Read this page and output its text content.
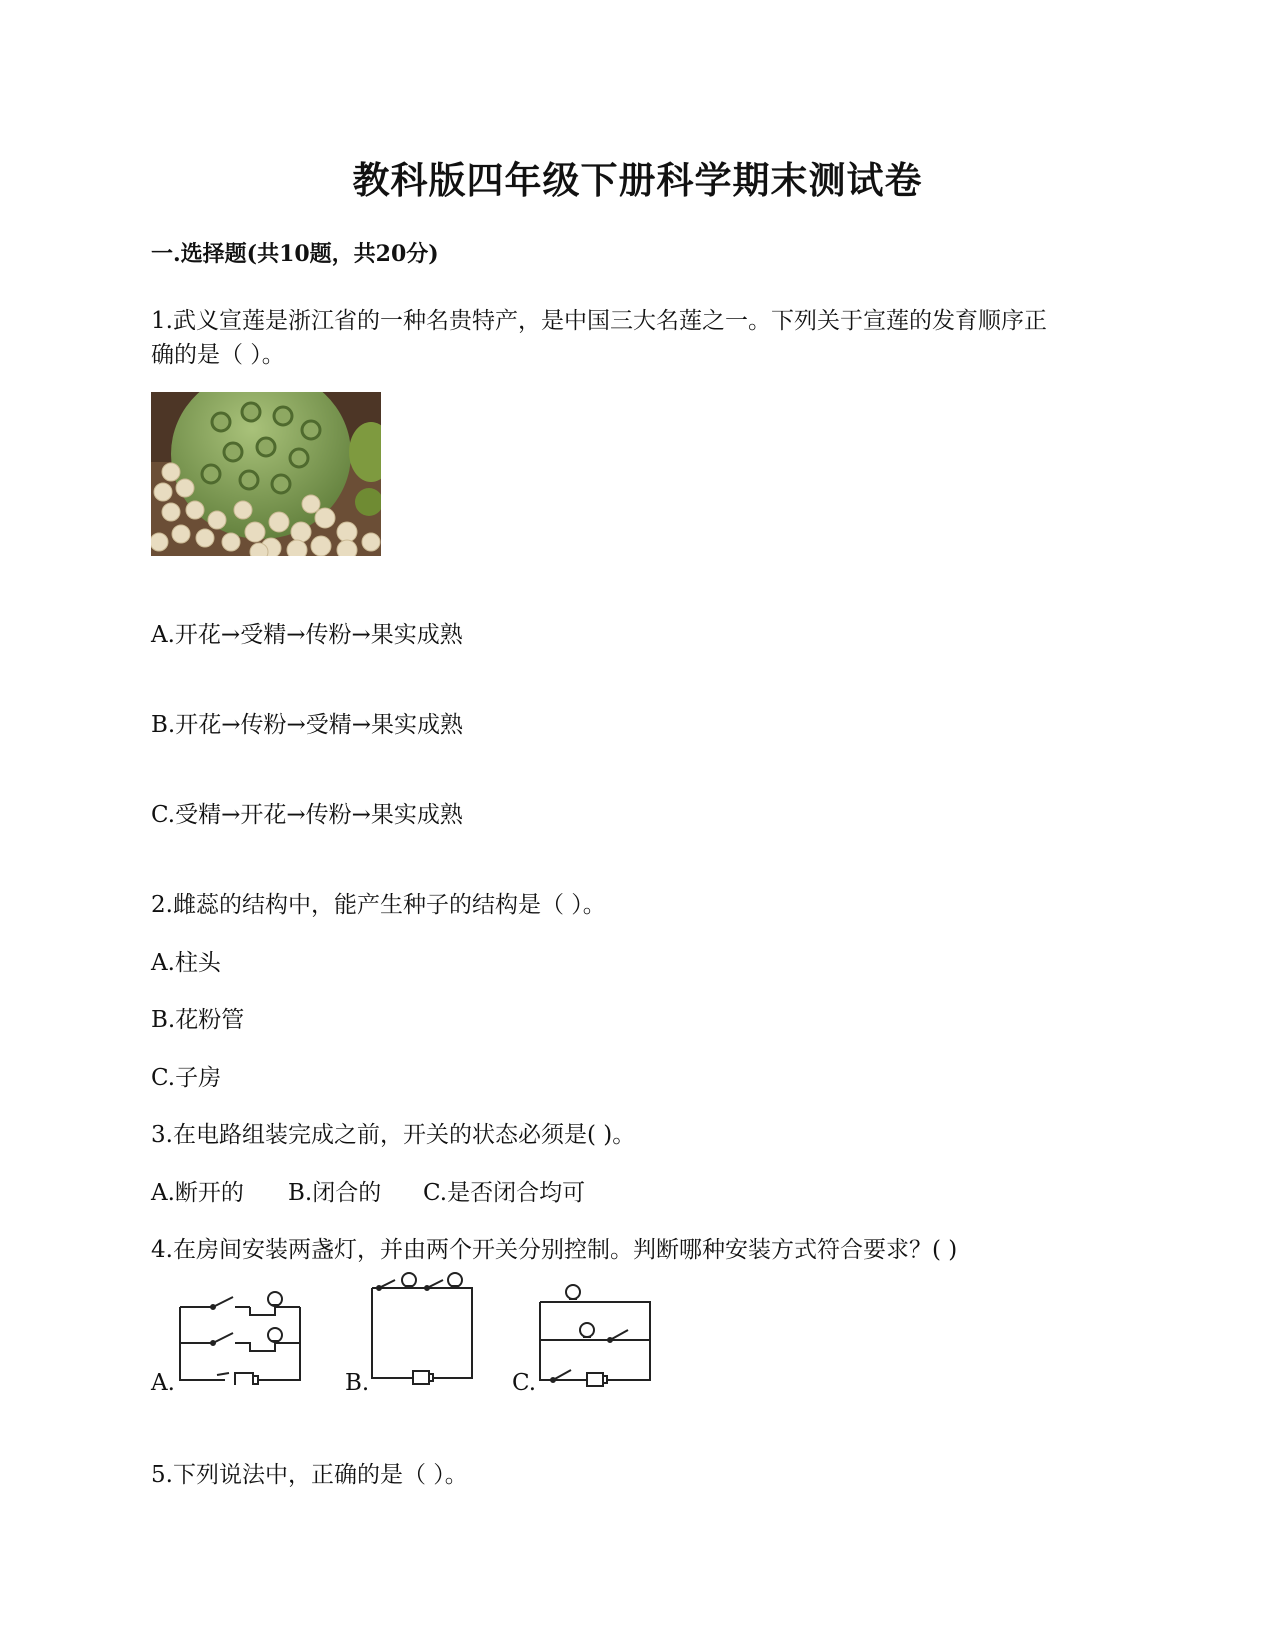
教科版四年级下册科学期末测试卷
一.选择题(共10题，共20分)
1.武义宣莲是浙江省的一种名贵特产，是中国三大名莲之一。下列关于宣莲的发育顺序正
确的是（ ）。
A.开花→受精→传粉→果实成熟
B.开花→传粉→受精→果实成熟
C.受精→开花→传粉→果实成熟
2.雌蕊的结构中，能产生种子的结构是（ ）。
A.柱头
B.花粉管
C.子房
3.在电路组装完成之前，开关的状态必须是( )。
A.断开的 B.闭合的 C.是否闭合均可
4.在房间安装两盏灯，并由两个开关分别控制。判断哪种安装方式符合要求？( )
A.	B.	C.
5.下列说法中，正确的是（ ）。
